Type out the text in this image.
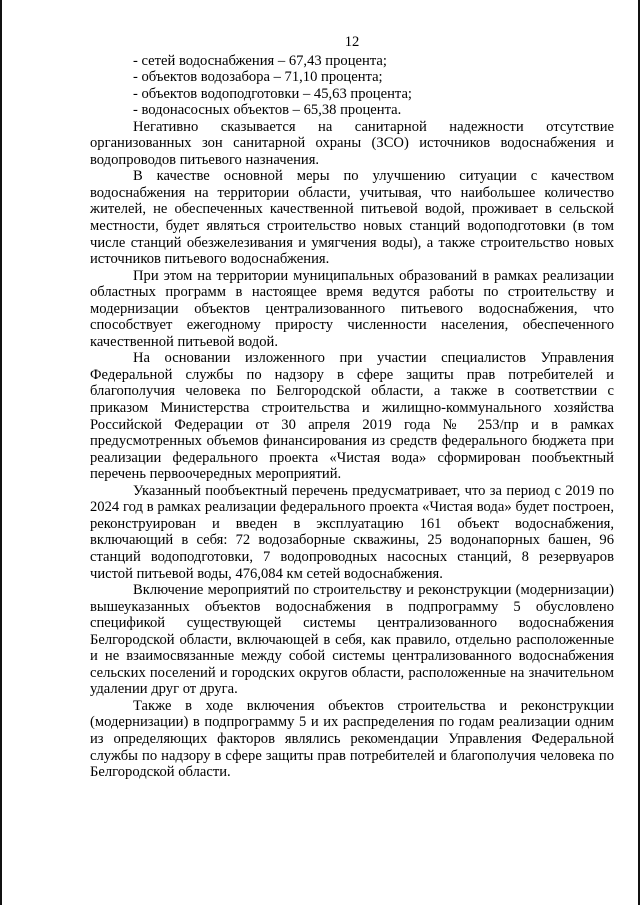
12
- сетей водоснабжения – 67,43 процента;
- объектов водозабора – 71,10 процента;
- объектов водоподготовки – 45,63 процента;
- водонасосных объектов – 65,38 процента.

Негативно сказывается на санитарной надежности отсутствие организованных зон санитарной охраны (ЗСО) источников водоснабжения и водопроводов питьевого назначения.

В качестве основной меры по улучшению ситуации с качеством водоснабжения на территории области, учитывая, что наибольшее количество жителей, не обеспеченных качественной питьевой водой, проживает в сельской местности, будет являться строительство новых станций водоподготовки (в том числе станций обезжелезивания и умягчения воды), а также строительство новых источников питьевого водоснабжения.

При этом на территории муниципальных образований в рамках реализации областных программ в настоящее время ведутся работы по строительству и модернизации объектов централизованного питьевого водоснабжения, что способствует ежегодному приросту численности населения, обеспеченного качественной питьевой водой.

На основании изложенного при участии специалистов Управления Федеральной службы по надзору в сфере защиты прав потребителей и благополучия человека по Белгородской области, а также в соответствии с приказом Министерства строительства и жилищно-коммунального хозяйства Российской Федерации от 30 апреля 2019 года № 253/пр и в рамках предусмотренных объемов финансирования из средств федерального бюджета при реализации федерального проекта «Чистая вода» сформирован пообъектный перечень первоочередных мероприятий.

Указанный пообъектный перечень предусматривает, что за период с 2019 по 2024 год в рамках реализации федерального проекта «Чистая вода» будет построен, реконструирован и введен в эксплуатацию 161 объект водоснабжения, включающий в себя: 72 водозаборные скважины, 25 водонапорных башен, 96 станций водоподготовки, 7 водопроводных насосных станций, 8 резервуаров чистой питьевой воды, 476,084 км сетей водоснабжения.

Включение мероприятий по строительству и реконструкции (модернизации) вышеуказанных объектов водоснабжения в подпрограмму 5 обусловлено спецификой существующей системы централизованного водоснабжения Белгородской области, включающей в себя, как правило, отдельно расположенные и не взаимосвязанные между собой системы централизованного водоснабжения сельских поселений и городских округов области, расположенные на значительном удалении друг от друга.

Также в ходе включения объектов строительства и реконструкции (модернизации) в подпрограмму 5 и их распределения по годам реализации одним из определяющих факторов являлись рекомендации Управления Федеральной службы по надзору в сфере защиты прав потребителей и благополучия человека по Белгородской области.
